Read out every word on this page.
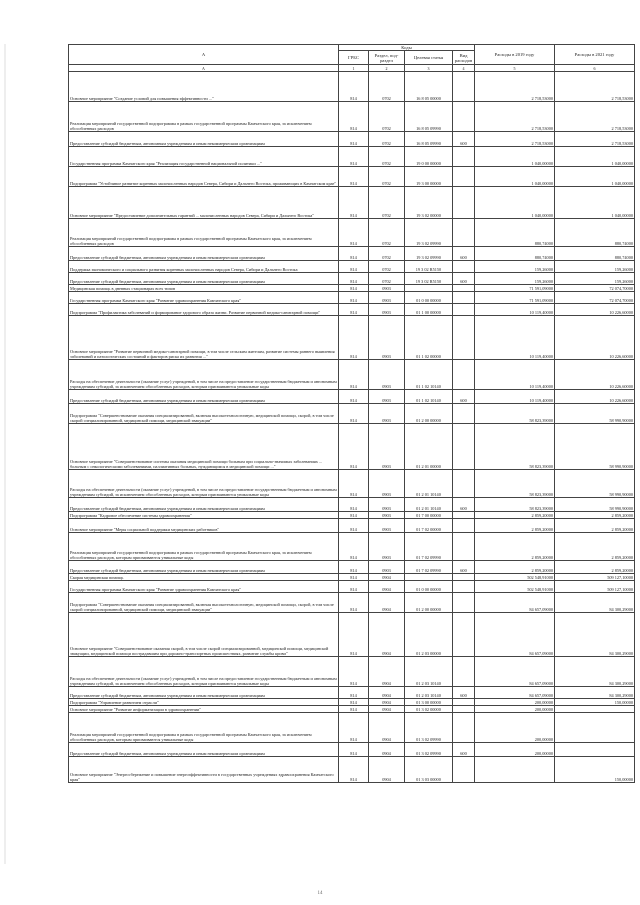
А	Коды				Расходы в 2019 году	Расходы в 2021 году
	ГРБС	Раздел, под-раздел	Целевая статья	Вид расходов		
А	1	2	3	4	5	6
Основное мероприятие "Создание условий для повышения эффективности ..."	814	0702	16 8 05 00000		2 718,53000	2 718,53000
Реализация мероприятий государственной подпрограммы в рамках государственной программы Камчатского края, за исключением обособленных расходов	814	0702	16 8 05 09990		2 718,53000	2 718,53000
Предоставление субсидий бюджетным, автономным учреждениям и иным некоммерческим организациям	814	0702	16 8 05 09990	600	2 718,53000	2 718,53000
Государственная программа Камчатского края "Реализация государственной национальной политики ..."	814	0702	19 0 00 00000		1 040,00000	1 040,00000
Подпрограмма "Устойчивое развитие коренных малочисленных народов Севера, Сибири и Дальнего Востока, проживающих в Камчатском крае"	814	0702	19 3 00 00000		1 040,00000	1 040,00000
Основное мероприятие "Предоставление дополнительных гарантий ... малочисленных народов Севера, Сибири и Дальнего Востока"	814	0702	19 3 02 00000		1 040,00000	1 040,00000
Реализация мероприятий государственной подпрограммы в рамках государственной программы Камчатского края, за исключением обособленных расходов	814	0702	19 3 02 09990		880,74000	880,74000
Предоставление субсидий бюджетным, автономным учреждениям и иным некоммерческим организациям	814	0702	19 3 02 09990	600	880,74000	880,74000
Поддержка экономического и социального развития коренных малочисленных народов Севера, Сибири и Дальнего Востока	814	0702	19 3 02 R5150		159,26000	159,26000
Предоставление субсидий бюджетным, автономным учреждениям и иным некоммерческим организациям	814	0702	19 3 02 R5150	600	159,26000	159,26000
Медицинская помощь в дневных стационарах всех типов	814	0903			71 591,09000	72 074,70000
Государственная программа Камчатского края "Развитие здравоохранения Камчатского края"	814	0903	01 0 00 00000		71 591,09000	72 074,70000
Подпрограмма "Профилактика заболеваний и формирование здорового образа жизни. Развитие первичной медико-санитарной помощи"	814	0903	01 1 00 00000		10 119,40000	10 226,60000
Основное мероприятие "Развитие первичной медико-санитарной помощи, в том числе сельским жителям, развитие системы раннего выявления заболеваний и патологических состояний и факторов риска их развития ..."	814	0903	01 1 02 00000		10 119,40000	10 226,60000
Расходы на обеспечение деятельности (оказание услуг) учреждений, в том числе на предоставление государственным бюджетным и автономным учреждениям субсидий, за исключением обособленных расходов, которым присваиваются уникальные коды	814	0903	01 1 02 10140		10 119,40000	10 226,60000
Предоставление субсидий бюджетным, автономным учреждениям и иным некоммерческим организациям	814	0903	01 1 02 10140	600	10 119,40000	10 226,60000
Подпрограмма "Совершенствование оказания специализированной, включая высокотехнологичную, медицинской помощи, скорой, в том числе скорой специализированной, медицинской помощи, медицинской эвакуации"	814	0903	01 2 00 00000		58 823,39000	58 990,90000
Основное мероприятие "Совершенствование системы оказания медицинской помощи больным при социально-значимых заболеваниях ... больным с онкологическими заболеваниями, паллиативных больных, нуждающимся в медицинской помощи ..."	814	0903	01 2 01 00000		58 823,39000	58 990,90000
Расходы на обеспечение деятельности (оказание услуг) учреждений, в том числе на предоставление государственным бюджетным и автономным учреждениям субсидий, за исключением обособленных расходов, которым присваиваются уникальные коды	814	0903	01 2 01 10140		58 823,39000	58 990,90000
Предоставление субсидий бюджетным, автономным учреждениям и иным некоммерческим организациям	814	0903	01 2 01 10140	600	58 823,39000	58 990,90000
Подпрограмма "Кадровое обеспечение системы здравоохранения"	814	0903	01 7 00 00000		2 859,20000	2 859,20000
Основное мероприятие "Меры социальной поддержки медицинских работников"	814	0903	01 7 02 00000		2 859,20000	2 859,20000
Реализация мероприятий государственной подпрограммы в рамках государственной программы Камчатского края, за исключением обособленных расходов, которым присваиваются уникальные коды	814	0903	01 7 02 09990		2 859,20000	2 859,20000
Предоставление субсидий бюджетным, автономным учреждениям и иным некоммерческим организациям	814	0903	01 7 02 09990	600	2 859,20000	2 859,20000
Скорая медицинская помощь	814	0904			502 548,91000	509 127,10000
Государственная программа Камчатского края "Развитие здравоохранения Камчатского края"	814	0904	01 0 00 00000		502 548,91000	509 127,10000
Подпрограмма "Совершенствование оказания специализированной, включая высокотехнологичную, медицинской помощи, скорой, в том числе скорой специализированной, медицинской помощи, медицинской эвакуации"	814	0904	01 2 00 00000		84 657,09000	84 300,29000
Основное мероприятие "Совершенствование оказания скорой, в том числе скорой специализированной, медицинской помощи, медицинской эвакуации, медицинской помощи пострадавшим при дорожно-транспортных происшествиях, развитие службы крови"	814	0904	01 2 03 00000		84 657,09000	84 300,29000
Расходы на обеспечение деятельности (оказание услуг) учреждений, в том числе на предоставление государственным бюджетным и автономным учреждениям субсидий, за исключением обособленных расходов, которым присваиваются уникальные коды	814	0904	01 2 03 10140		84 657,09000	84 300,29000
Предоставление субсидий бюджетным, автономным учреждениям и иным некоммерческим организациям	814	0904	01 2 03 10140	600	84 657,09000	84 300,29000
Подпрограмма "Управление развитием отрасли"	814	0904	01 3 00 00000		200,00000	150,00000
Основное мероприятие "Развитие информатизации в здравоохранении"	814	0904	01 3 02 00000		200,00000	
Реализация мероприятий государственной подпрограммы в рамках государственной программы Камчатского края, за исключением обособленных расходов, которым присваиваются уникальные коды	814	0904	01 3 02 09990		200,00000	
Предоставление субсидий бюджетным, автономным учреждениям и иным некоммерческим организациям	814	0904	01 3 02 09990	600	200,00000	
Основное мероприятие "Энергосбережение и повышение энергоэффективности в государственных учреждениях здравоохранения Камчатского края"	814	0904	01 3 03 00000			150,00000
14
